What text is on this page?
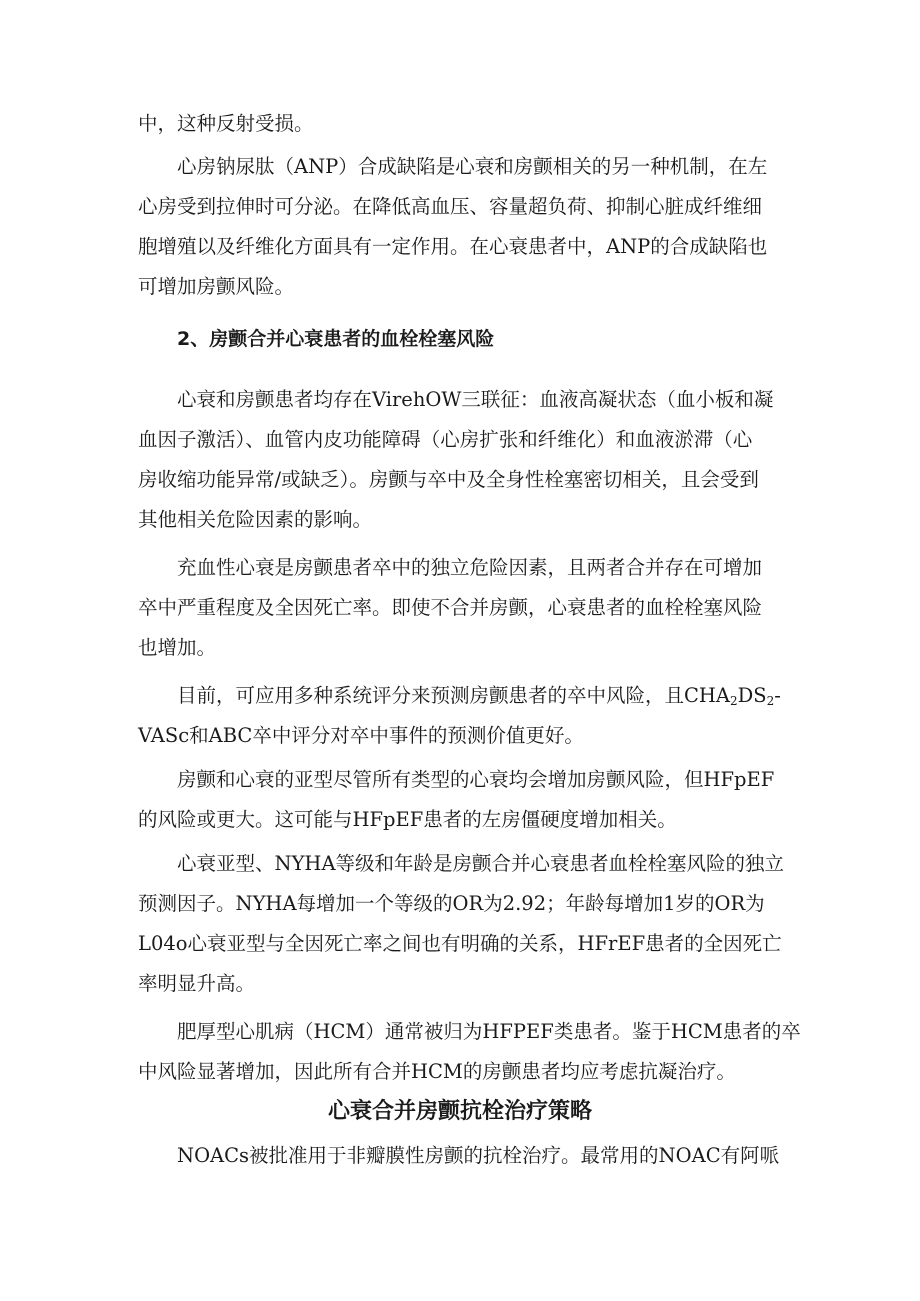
中，这种反射受损。
心房钠尿肽（ANP）合成缺陷是心衰和房颤相关的另一种机制，在左
心房受到拉伸时可分泌。在降低高血压、容量超负荷、抑制心脏成纤维细
胞增殖以及纤维化方面具有一定作用。在心衰患者中，ANP的合成缺陷也
可增加房颤风险。
2、房颤合并心衰患者的血栓栓塞风险
心衰和房颤患者均存在VirehOW三联征：血液高凝状态（血小板和凝
血因子激活）、血管内皮功能障碍（心房扩张和纤维化）和血液淤滞（心
房收缩功能异常/或缺乏）。房颤与卒中及全身性栓塞密切相关，且会受到
其他相关危险因素的影响。
充血性心衰是房颤患者卒中的独立危险因素，且两者合并存在可增加
卒中严重程度及全因死亡率。即使不合并房颤，心衰患者的血栓栓塞风险
也增加。
目前，可应用多种系统评分来预测房颤患者的卒中风险，且$CHA_2DS_2-$
VASc和ABC卒中评分对卒中事件的预测价值更好。
房颤和心衰的亚型尽管所有类型的心衰均会增加房颤风险，但HFpEF
的风险或更大。这可能与HFpEF患者的左房僵硬度增加相关。
心衰亚型、NYHA等级和年龄是房颤合并心衰患者血栓栓塞风险的独立
预测因子。NYHA每增加一个等级的OR为2.92；年龄每增加1岁的OR为
L04o心衰亚型与全因死亡率之间也有明确的关系，HFrEF患者的全因死亡
率明显升高。
肥厚型心肌病（HCM）通常被归为HFPEF类患者。鉴于HCM患者的卒
中风险显著增加，因此所有合并HCM的房颤患者均应考虑抗凝治疗。
心衰合并房颤抗栓治疗策略
NOACs被批准用于非瓣膜性房颤的抗栓治疗。最常用的NOAC有阿哌
